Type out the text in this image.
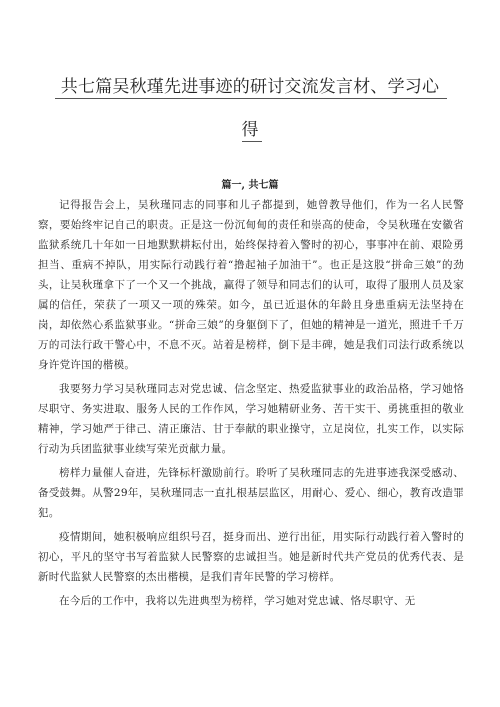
共七篇吴秋瑾先进事迹的研讨交流发言材、学习心
得
篇一, 共七篇

记得报告会上，吴秋瑾同志的同事和儿子都提到，她曾教导他们，作为一名人民警察，要始终牢记自己的职责。正是这一份沉甸甸的责任和崇高的使命，令吴秋瑾在安徽省监狱系统几十年如一日地默默耕耘付出，始终保持着入警时的初心，事事冲在前、艰险勇担当、重病不掉队，用实际行动践行着“撸起袖子加油干”。也正是这股“拼命三娘”的劲头，让吴秋瑾拿下了一个又一个挑战，赢得了领导和同志们的认可，取得了服刑人员及家属的信任，荣获了一项又一项的殊荣。如今，虽已近退休的年龄且身患重病无法坚持在岗，却依然心系监狱事业。“拼命三娘”的身躯倒下了，但她的精神是一道光，照进千千万万的司法行政干警心中，不息不灭。站着是榜样，倒下是丰碑，她是我们司法行政系统以身许党许国的楷模。

我要努力学习吴秋瑾同志对党忠诚、信念坚定、热爱监狱事业的政治品格，学习她恪尽职守、务实进取、服务人民的工作作风，学习她精研业务、苦干实干、勇挑重担的敬业精神，学习她严于律己、清正廉洁、甘于奉献的职业操守，立足岗位，扎实工作，以实际行动为兵团监狱事业续写荣光贡献力量。

榜样力量催人奋进，先锋标杆激励前行。聆听了吴秋瑾同志的先进事迹我深受感动、备受鼓舞。从警29年，吴秋瑾同志一直扎根基层监区，用耐心、爱心、细心，教育改造罪犯。

疫情期间，她积极响应组织号召，挺身而出、逆行出征，用实际行动践行着入警时的初心，平凡的坚守书写着监狱人民警察的忠诚担当。她是新时代共产党员的优秀代表、是新时代监狱人民警察的杰出楷模，是我们青年民警的学习榜样。

在今后的工作中，我将以先进典型为榜样，学习她对党忠诚、恪尽职守、无
